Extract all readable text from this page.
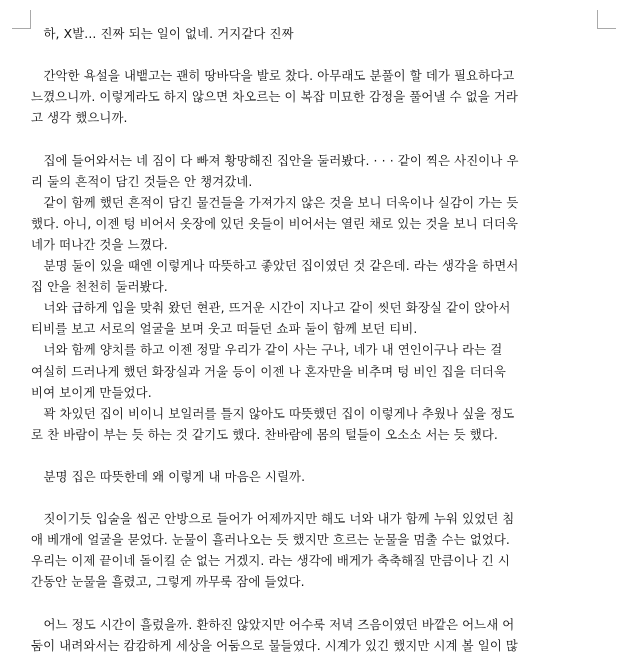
　하, X발... 진짜 되는 일이 없네. 거지같다 진짜
　간악한 욕설을 내뱉고는 괜히 땅바닥을 발로 찼다. 아무래도 분풀이 할 데가 필요하다고
느꼈으니까. 이렇게라도 하지 않으면 차오르는 이 복잡 미묘한 감정을 풀어낼 수 없을 거라
고 생각 했으니까.
　집에 들어와서는 네 짐이 다 빠져 황망해진 집안을 둘러봤다. · · · 같이 찍은 사진이나 우
리 둘의 흔적이 담긴 것들은 안 챙겨갔네.
　같이 함께 했던 흔적이 담긴 물건들을 가져가지 않은 것을 보니 더욱이나 실감이 가는 듯
했다. 아니, 이젠 텅 비어서 옷장에 있던 옷들이 비어서는 열린 채로 있는 것을 보니 더더욱
네가 떠나간 것을 느꼈다.
　분명 둘이 있을 때엔 이렇게나 따뜻하고 좋았던 집이였던 것 같은데. 라는 생각을 하면서
집 안을 천천히 둘러봤다.
　너와 급하게 입을 맞춰 왔던 현관, 뜨거운 시간이 지나고 같이 씻던 화장실 같이 앉아서
티비를 보고 서로의 얼굴을 보며 웃고 떠들던 쇼파 둘이 함께 보던 티비.
　너와 함께 양치를 하고 이젠 정말 우리가 같이 사는 구나, 네가 내 연인이구나 라는 걸
여실히 드러나게 했던 화장실과 거울 등이 이젠 나 혼자만을 비추며 텅 비인 집을 더더욱
비여 보이게 만들었다.
　꽉 차있던 집이 비이니 보일러를 틀지 않아도 따뜻했던 집이 이렇게나 추웠나 싶을 정도
로 찬 바람이 부는 듯 하는 것 같기도 했다. 찬바람에 몸의 털들이 오소소 서는 듯 했다.
　분명 집은 따뜻한데 왜 이렇게 내 마음은 시릴까.
　짓이기듯 입술을 씹곤 안방으로 들어가 어제까지만 해도 너와 내가 함께 누워 있었던 침
애 베개에 얼굴을 묻었다. 눈물이 흘러나오는 듯 했지만 흐르는 눈물을 멈출 수는 없었다.
우리는 이제 끝이네 돌이킬 순 없는 거겠지. 라는 생각에 배게가 축축해질 만큼이나 긴 시
간동안 눈물을 흘렸고, 그렇게 까무룩 잠에 들었다.
　어느 정도 시간이 흘렀을까. 환하진 않았지만 어수룩 저녁 즈음이였던 바깥은 어느새 어
둠이 내려와서는 캄캄하게 세상을 어둠으로 물들였다. 시계가 있긴 했지만 시계 볼 일이 많
